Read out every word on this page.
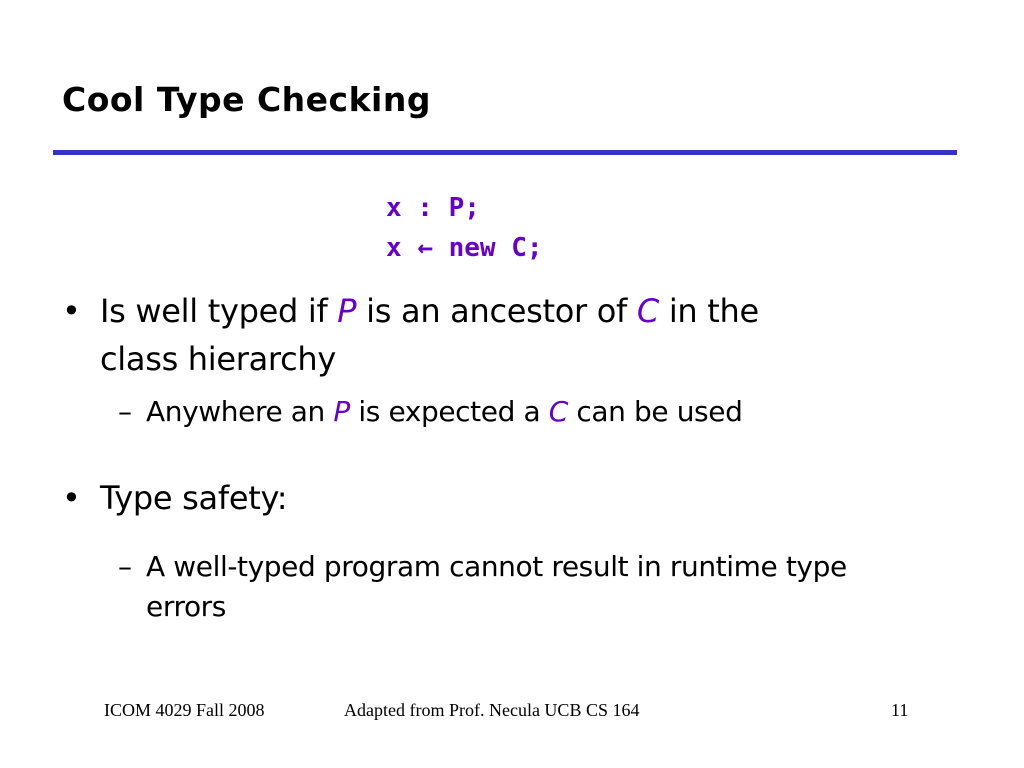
Cool Type Checking
x : P;
x ← new C;
• Is well typed if P is an ancestor of C in the
class hierarchy
– Anywhere an P is expected a C can be used
• Type safety:
– A well-typed program cannot result in runtime type
errors
ICOM 4029 Fall 2008	Adapted from Prof. Necula UCB CS 164	11
